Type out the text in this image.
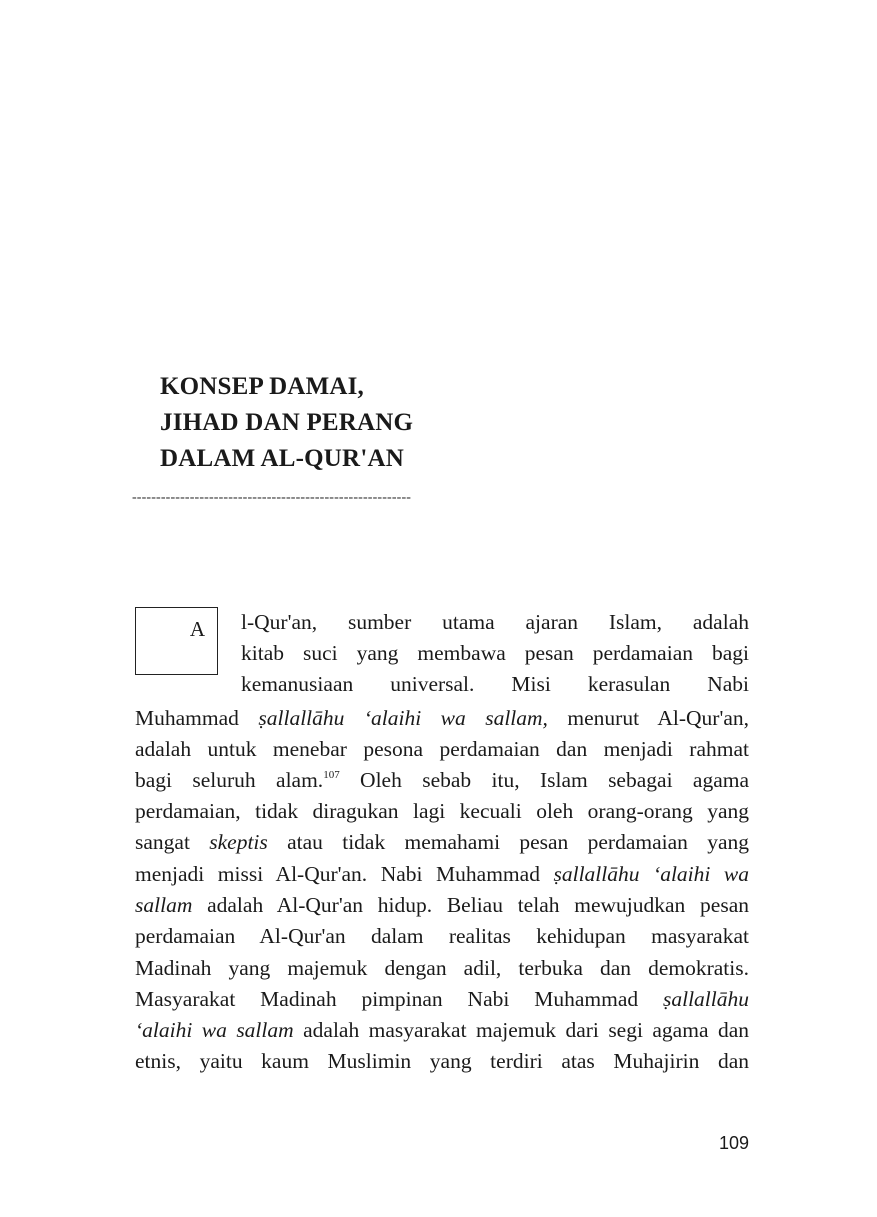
KONSEP DAMAI,
JIHAD DAN PERANG
DALAM AL-QUR'AN
----------------------------------------------------------
A l-Qur'an, sumber utama ajaran Islam, adalah
kitab suci yang membawa pesan perdamaian bagi
kemanusiaan universal. Misi kerasulan Nabi
Muhammad ṣallallāhu ‘alaihi wa sallam, menurut Al-Qur'an,
adalah untuk menebar pesona perdamaian dan menjadi rahmat
bagi seluruh alam.$^{107}$ Oleh sebab itu, Islam sebagai agama
perdamaian, tidak diragukan lagi kecuali oleh orang-orang yang
sangat skeptis atau tidak memahami pesan perdamaian yang
menjadi missi Al-Qur'an. Nabi Muhammad ṣallallāhu ‘alaihi wa
sallam adalah Al-Qur'an hidup. Beliau telah mewujudkan pesan
perdamaian Al-Qur'an dalam realitas kehidupan masyarakat
Madinah yang majemuk dengan adil, terbuka dan demokratis.
Masyarakat Madinah pimpinan Nabi Muhammad ṣallallāhu
‘alaihi wa sallam adalah masyarakat majemuk dari segi agama dan
etnis, yaitu kaum Muslimin yang terdiri atas Muhajirin dan
109
